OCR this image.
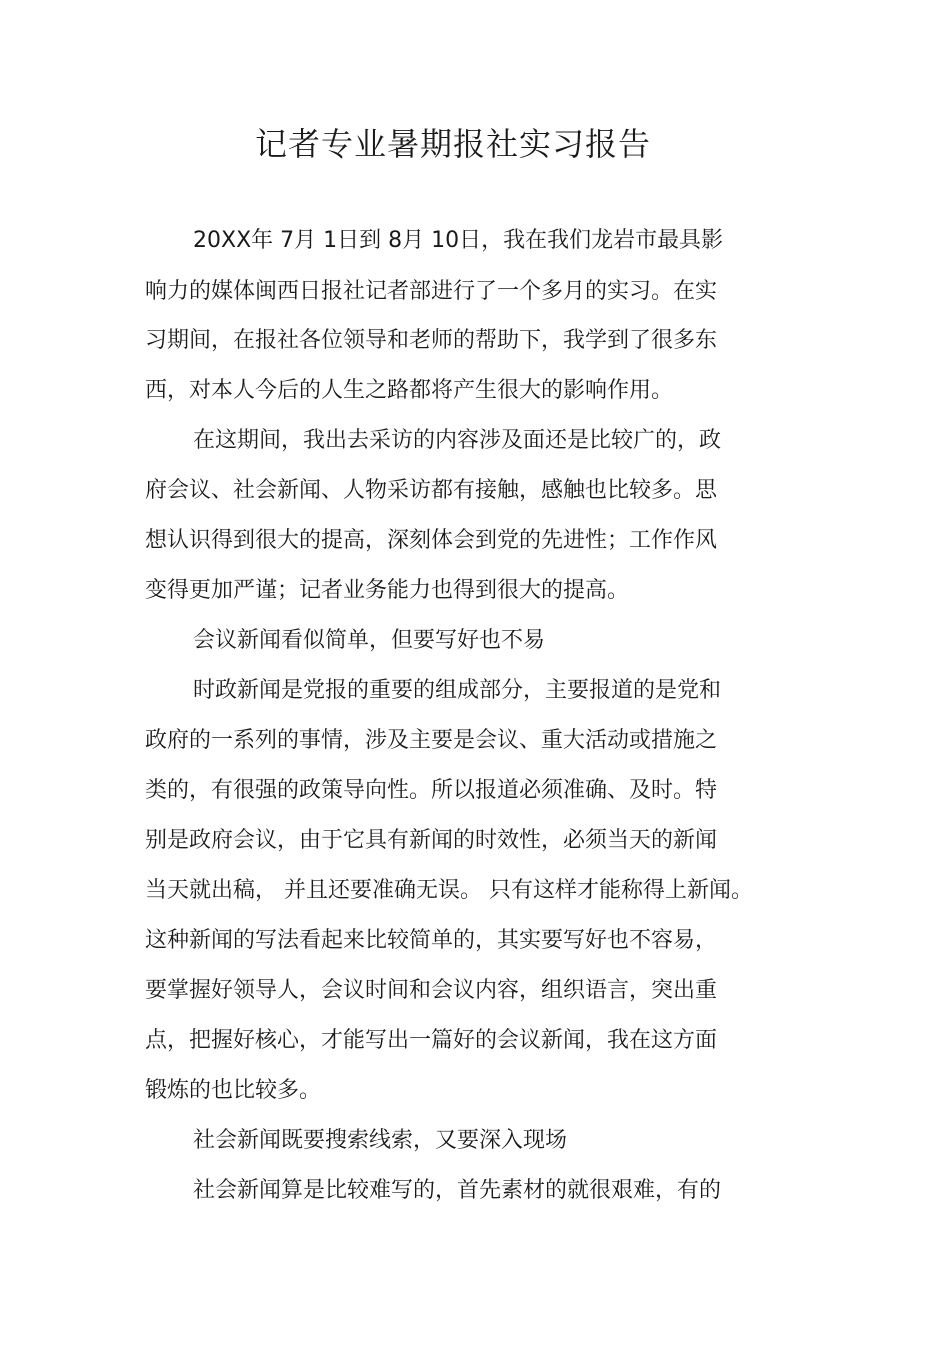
记者专业暑期报社实习报告
20XX年 7月 1日到 8月 10日，我在我们龙岩市最具影
响力的媒体闽西日报社记者部进行了一个多月的实习。在实
习期间，在报社各位领导和老师的帮助下，我学到了很多东
西，对本人今后的人生之路都将产生很大的影响作用。
在这期间，我出去采访的内容涉及面还是比较广的，政
府会议、社会新闻、人物采访都有接触，感触也比较多。思
想认识得到很大的提高，深刻体会到党的先进性；工作作风
变得更加严谨；记者业务能力也得到很大的提高。
会议新闻看似简单，但要写好也不易
时政新闻是党报的重要的组成部分，主要报道的是党和
政府的一系列的事情，涉及主要是会议、重大活动或措施之
类的，有很强的政策导向性。所以报道必须准确、及时。特
别是政府会议，由于它具有新闻的时效性，必须当天的新闻
当天就出稿， 并且还要准确无误。 只有这样才能称得上新闻。
这种新闻的写法看起来比较简单的，其实要写好也不容易，
要掌握好领导人，会议时间和会议内容，组织语言，突出重
点，把握好核心，才能写出一篇好的会议新闻，我在这方面
锻炼的也比较多。
社会新闻既要搜索线索，又要深入现场
社会新闻算是比较难写的，首先素材的就很艰难，有的
